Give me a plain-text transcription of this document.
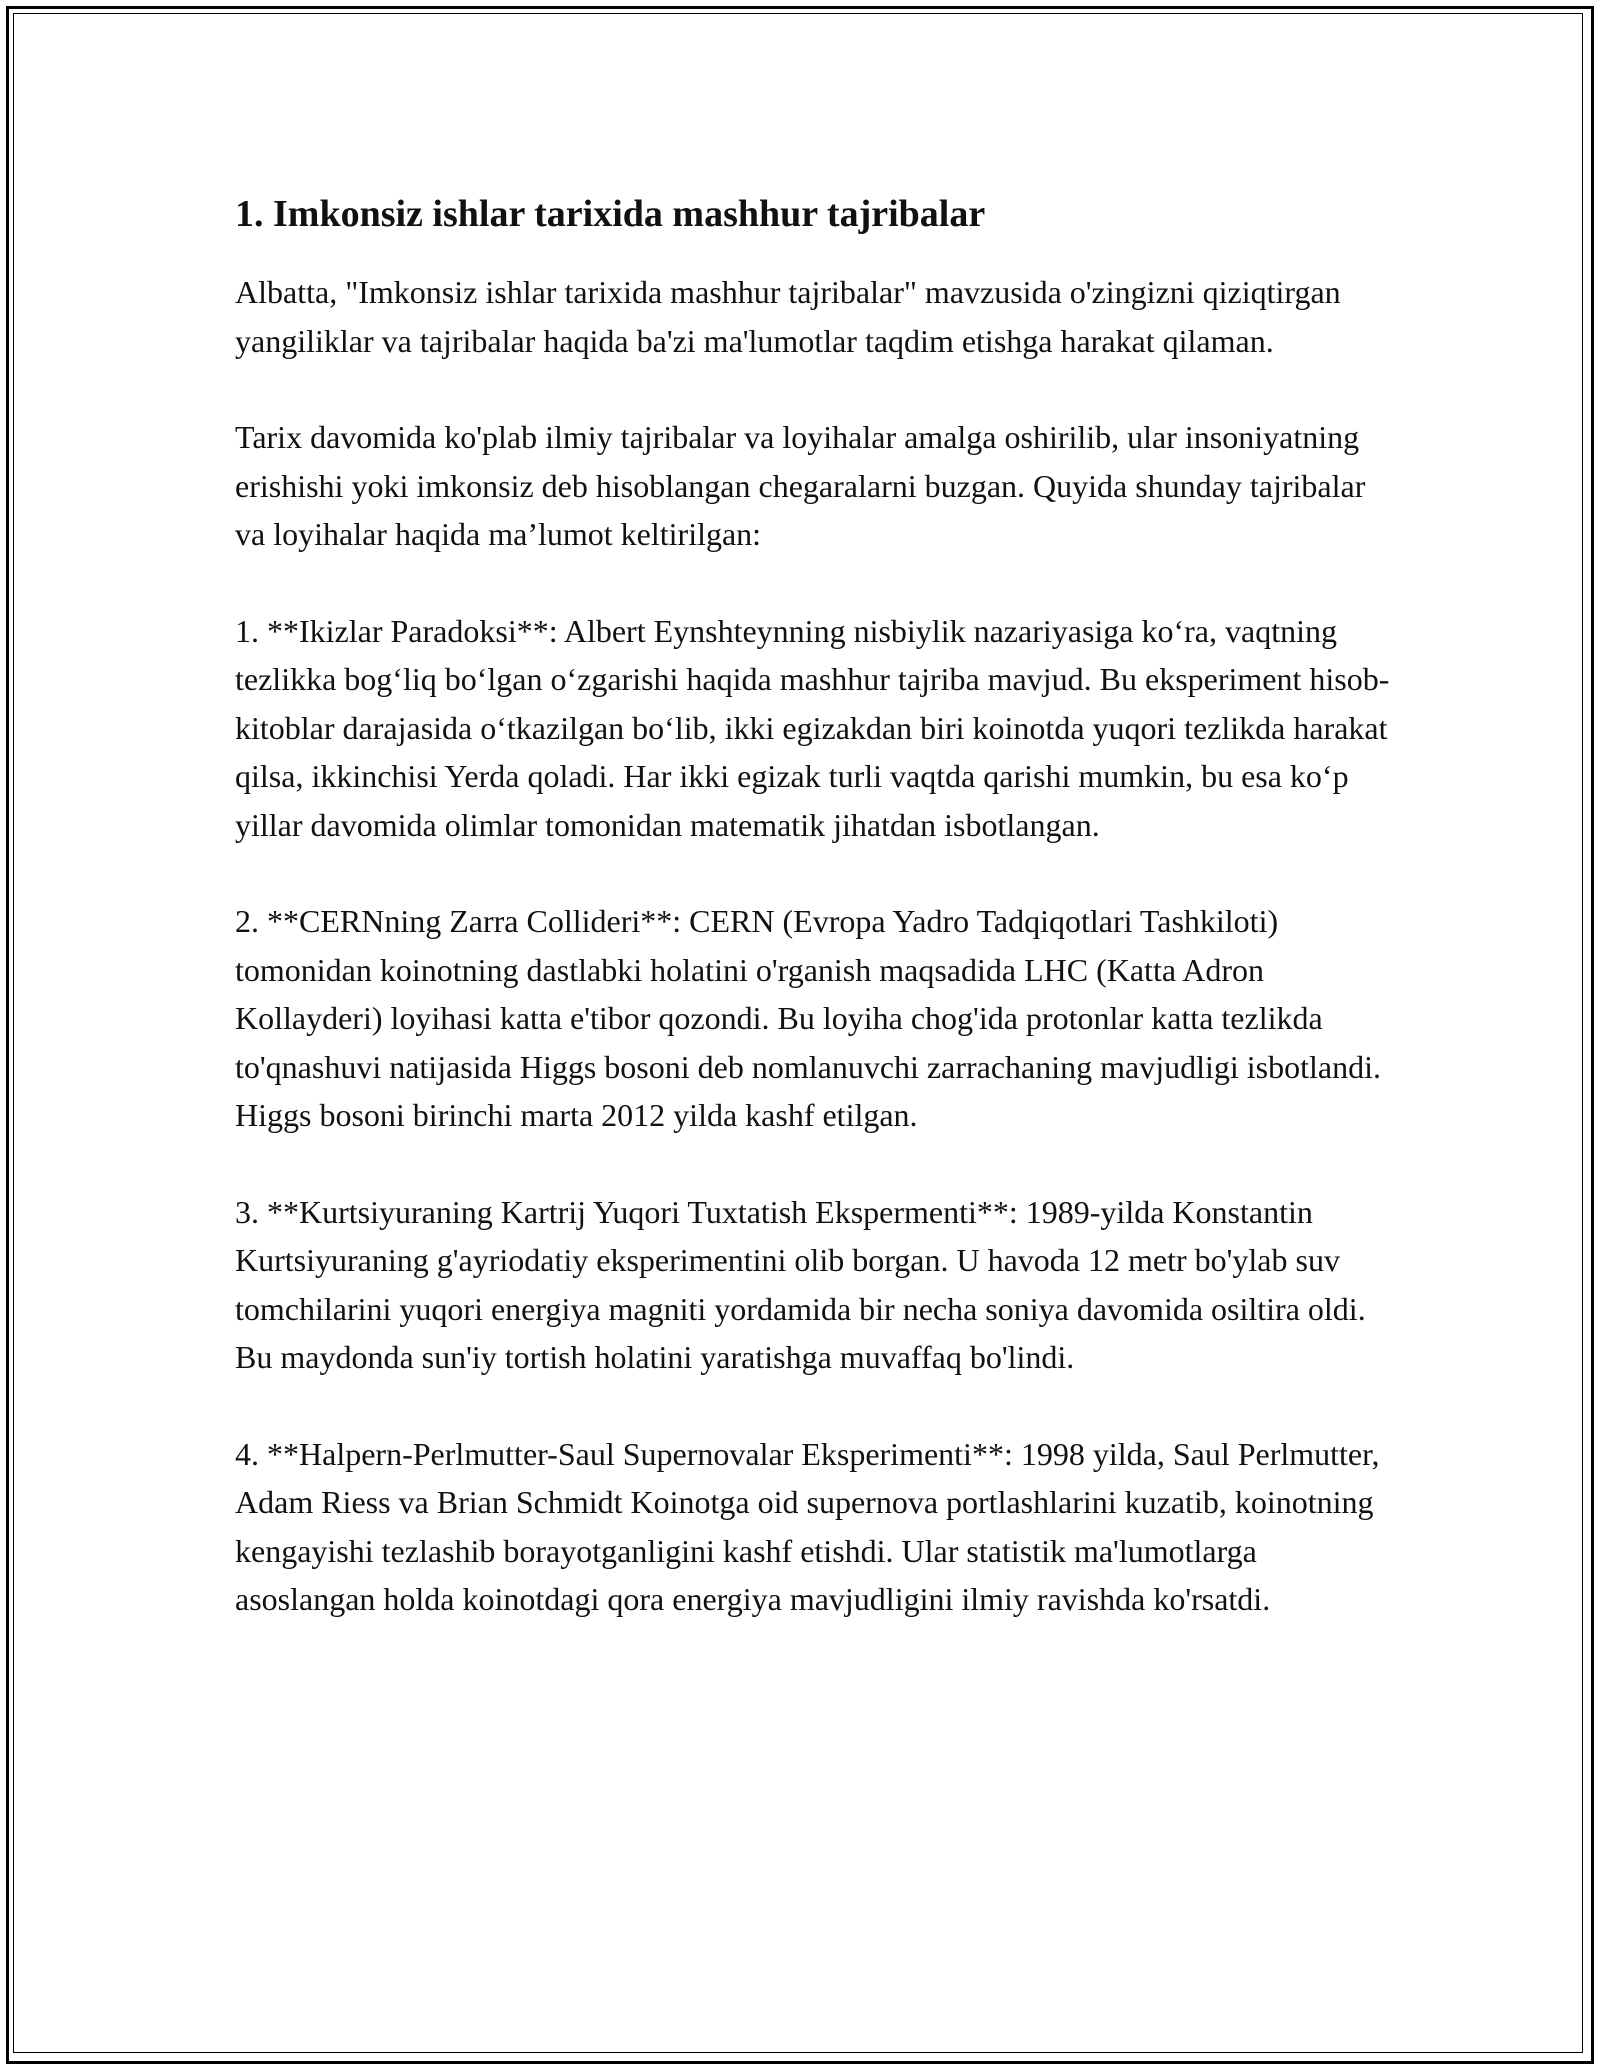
1. Imkonsiz ishlar tarixida mashhur tajribalar

Albatta, "Imkonsiz ishlar tarixida mashhur tajribalar" mavzusida o'zingizni qiziqtirgan yangiliklar va tajribalar haqida ba'zi ma'lumotlar taqdim etishga harakat qilaman.

Tarix davomida ko'plab ilmiy tajribalar va loyihalar amalga oshirilib, ular insoniyatning erishishi yoki imkonsiz deb hisoblangan chegaralarni buzgan. Quyida shunday tajribalar va loyihalar haqida ma’lumot keltirilgan:

1. **Ikizlar Paradoksi**: Albert Eynshteynning nisbiylik nazariyasiga ko‘ra, vaqtning tezlikka bog‘liq bo‘lgan o‘zgarishi haqida mashhur tajriba mavjud. Bu eksperiment hisob-kitoblar darajasida o‘tkazilgan bo‘lib, ikki egizakdan biri koinotda yuqori tezlikda harakat qilsa, ikkinchisi Yerda qoladi. Har ikki egizak turli vaqtda qarishi mumkin, bu esa ko‘p yillar davomida olimlar tomonidan matematik jihatdan isbotlangan.

2. **CERNning Zarra Collideri**: CERN (Evropa Yadro Tadqiqotlari Tashkiloti) tomonidan koinotning dastlabki holatini o'rganish maqsadida LHC (Katta Adron Kollayderi) loyihasi katta e'tibor qozondi. Bu loyiha chog'ida protonlar katta tezlikda to'qnashuvi natijasida Higgs bosoni deb nomlanuvchi zarrachaning mavjudligi isbotlandi. Higgs bosoni birinchi marta 2012 yilda kashf etilgan.

3. **Kurtsiyuraning Kartrij Yuqori Tuxtatish Ekspermenti**: 1989-yilda Konstantin Kurtsiyuraning g'ayriodatiy eksperimentini olib borgan. U havoda 12 metr bo'ylab suv tomchilarini yuqori energiya magniti yordamida bir necha soniya davomida osiltira oldi. Bu maydonda sun'iy tortish holatini yaratishga muvaffaq bo'lindi.

4. **Halpern-Perlmutter-Saul Supernovalar Eksperimenti**: 1998 yilda, Saul Perlmutter, Adam Riess va Brian Schmidt Koinotga oid supernova portlashlarini kuzatib, koinotning kengayishi tezlashib borayotganligini kashf etishdi. Ular statistik ma'lumotlarga asoslangan holda koinotdagi qora energiya mavjudligini ilmiy ravishda ko'rsatdi.
